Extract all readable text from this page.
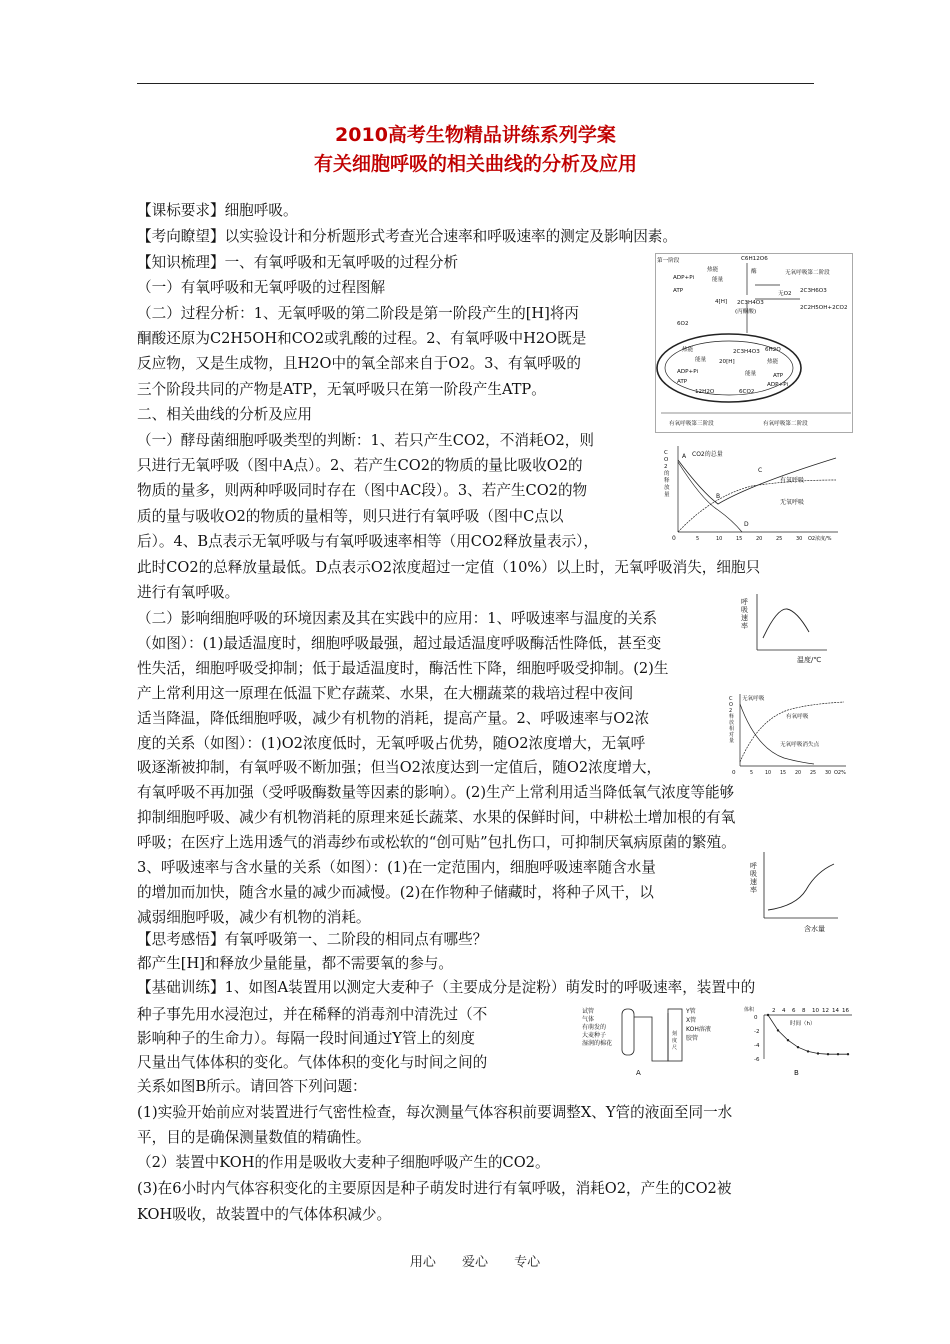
2010高考生物精品讲练系列学案
有关细胞呼吸的相关曲线的分析及应用
【课标要求】细胞呼吸。
【考向瞭望】以实验设计和分析题形式考查光合速率和呼吸速率的测定及影响因素。
【知识梳理】一、有氧呼吸和无氧呼吸的过程分析
（一）有氧呼吸和无氧呼吸的过程图解
（二）过程分析：1、无氧呼吸的第二阶段是第一阶段产生的[H]将丙
酮酸还原为C2H5OH和CO2或乳酸的过程。2、有氧呼吸中H2O既是
反应物，又是生成物，且H2O中的氧全部来自于O2。3、有氧呼吸的
三个阶段共同的产物是ATP，无氧呼吸只在第一阶段产生ATP。
二、相关曲线的分析及应用
（一）酵母菌细胞呼吸类型的判断：1、若只产生CO2，不消耗O2，则
只进行无氧呼吸（图中A点）。2、若产生CO2的物质的量比吸收O2的
物质的量多，则两种呼吸同时存在（图中AC段）。3、若产生CO2的物
质的量与吸收O2的物质的量相等，则只进行有氧呼吸（图中C点以
后）。4、B点表示无氧呼吸与有氧呼吸速率相等（用CO2释放量表示），
此时CO2的总释放量最低。D点表示O2浓度超过一定值（10%）以上时，无氧呼吸消失，细胞只
进行有氧呼吸。
（二）影响细胞呼吸的环境因素及其在实践中的应用：1、呼吸速率与温度的关系
（如图）：(1)最适温度时，细胞呼吸最强，超过最适温度呼吸酶活性降低，甚至变
性失活，细胞呼吸受抑制；低于最适温度时，酶活性下降，细胞呼吸受抑制。(2)生
产上常利用这一原理在低温下贮存蔬菜、水果，在大棚蔬菜的栽培过程中夜间
适当降温，降低细胞呼吸，减少有机物的消耗，提高产量。2、呼吸速率与O2浓
度的关系（如图）：(1)O2浓度低时，无氧呼吸占优势，随O2浓度增大，无氧呼
吸逐渐被抑制，有氧呼吸不断加强；但当O2浓度达到一定值后，随O2浓度增大，
有氧呼吸不再加强（受呼吸酶数量等因素的影响）。(2)生产上常利用适当降低氧气浓度等能够
抑制细胞呼吸、减少有机物消耗的原理来延长蔬菜、水果的保鲜时间，中耕松土增加根的有氧
呼吸；在医疗上选用透气的消毒纱布或松软的“创可贴”包扎伤口，可抑制厌氧病原菌的繁殖。
3、呼吸速率与含水量的关系（如图）：(1)在一定范围内，细胞呼吸速率随含水量
的增加而加快，随含水量的减少而减慢。(2)在作物种子储藏时，将种子风干，以
减弱细胞呼吸，减少有机物的消耗。
【思考感悟】有氧呼吸第一、二阶段的相同点有哪些？
都产生[H]和释放少量能量，都不需要氧的参与。
【基础训练】1、如图A装置用以测定大麦种子（主要成分是淀粉）萌发时的呼吸速率，装置中的
种子事先用水浸泡过，并在稀释的消毒剂中清洗过（不
影响种子的生命力）。每隔一段时间通过Y管上的刻度
尺量出气体体积的变化。气体体积的变化与时间之间的
关系如图B所示。请回答下列问题：
(1)实验开始前应对装置进行气密性检查，每次测量气体容积前要调整X、Y管的液面至同一水
平，目的是确保测量数值的精确性。
（2）装置中KOH的作用是吸收大麦种子细胞呼吸产生的CO2。
(3)在6小时内气体容积变化的主要原因是种子萌发时进行有氧呼吸，消耗O2，产生的CO2被
KOH吸收，故装置中的气体体积减少。
第一阶段	C6H12O6
无氧呼吸第二阶段
热能	酶
ADP+Pi	能量
ATP
4[H] 2C3H4O3
(丙酮酸)
无O2 2C3H6O3
2C2H5OH+2CO2
6O2
热能
能量 20[H]
2C3H4O3 6H2O
热能
ADP+Pi
ATP
能量	ATP
ADP+Pi
12H2O	6CO2
有氧呼吸第三阶段	有氧呼吸第二阶段
C
O
2
的
释
放
量
A CO2的总量
B
C
D
有氧呼吸
无氧呼吸
0	5	10	15	20	25	30 O2浓度/%
呼
吸
速
率
温度/℃
C
O
2
释
放
相
对
量
无氧呼吸
有氧呼吸
无氧呼吸消失点
0	5 10 15 20 25 30 O2%
呼
吸
速
率
含水量
试管
气体
有萌发的
大麦种子
湿润的棉花
刻
度
尺
Y管
X管
KOH溶液
胶管
A
0
-2
-4
-6
体积	2 4 6 8 10 12 14 16
时间（h）
B
用心 爱心 专心
